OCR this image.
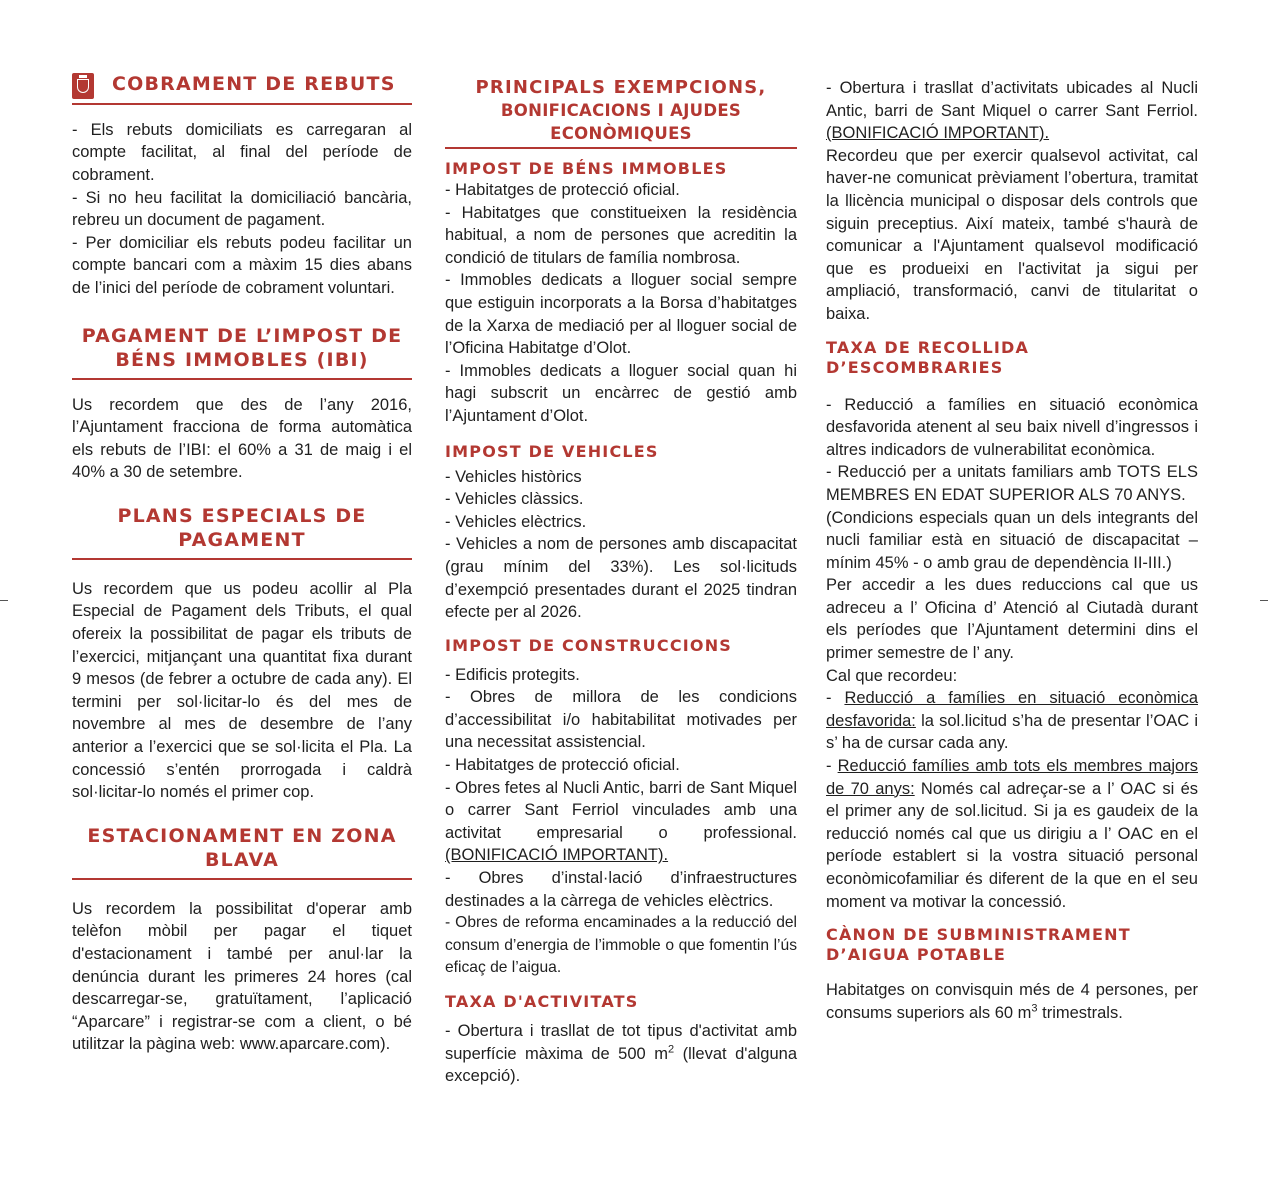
COBRAMENT DE REBUTS

- Els rebuts domiciliats es carregaran al compte facilitat, al final del període de cobrament.

- Si no heu facilitat la domiciliació bancària, rebreu un document de pagament.

- Per domiciliar els rebuts podeu facilitar un compte bancari com a màxim 15 dies abans de l’inici del període de cobrament voluntari.

PAGAMENT DE L’IMPOST DE
BÉNS IMMOBLES (IBI)

Us recordem que des de l’any 2016, l’Ajuntament fracciona de forma automàtica els rebuts de l’IBI: el 60% a 31 de maig i el 40% a 30 de setembre.

PLANS ESPECIALS DE PAGAMENT

Us recordem que us podeu acollir al Pla Especial de Pagament dels Tributs, el qual ofereix la possibilitat de pagar els tributs de l’exercici, mitjançant una quantitat fixa durant 9 mesos (de febrer a octubre de cada any). El termini per sol·licitar-lo és del mes de novembre al mes de desembre de l’any anterior a l’exercici que se sol·licita el Pla. La concessió s’entén prorrogada i caldrà sol·licitar-lo només el primer cop.

ESTACIONAMENT EN ZONA BLAVA

Us recordem la possibilitat d'operar amb telèfon mòbil per pagar el tiquet d'estacionament i també per anul·lar la denúncia durant les primeres 24 hores (cal descarregar-se, gratuïtament, l’aplicació “Aparcare” i registrar-se com a client, o bé utilitzar la pàgina web: www.aparcare.com).

PRINCIPALS EXEMPCIONS,
BONIFICACIONS I AJUDES ECONÒMIQUES
IMPOST DE BÉNS IMMOBLES

- Habitatges de protecció oficial.

- Habitatges que constitueixen la residència habitual, a nom de persones que acreditin la condició de titulars de família nombrosa.

- Immobles dedicats a lloguer social sempre que estiguin incorporats a la Borsa d’habitatges de la Xarxa de mediació per al lloguer social de l’Oficina Habitatge d’Olot.

- Immobles dedicats a lloguer social quan hi hagi subscrit un encàrrec de gestió amb l’Ajuntament d’Olot.

IMPOST DE VEHICLES

- Vehicles històrics

- Vehicles clàssics.

- Vehicles elèctrics.

- Vehicles a nom de persones amb discapacitat (grau mínim del 33%). Les sol·licituds d’exempció presentades durant el 2025 tindran efecte per al 2026.

IMPOST DE CONSTRUCCIONS

- Edificis protegits.

- Obres de millora de les condicions d’accessibilitat i/o habitabilitat motivades per una necessitat assistencial.

- Habitatges de protecció oficial.

- Obres fetes al Nucli Antic, barri de Sant Miquel o carrer Sant Ferriol vinculades amb una activitat empresarial o professional. (BONIFICACIÓ IMPORTANT).

- Obres d’instal·lació d’infraestructures destinades a la càrrega de vehicles elèctrics.

- Obres de reforma encaminades a la reducció del consum d’energia de l’immoble o que fomentin l’ús eficaç de l’aigua.

TAXA D'ACTIVITATS

- Obertura i trasllat de tot tipus d'activitat amb superfície màxima de 500 $m^2$ (llevat d'alguna excepció).

- Obertura i trasllat d’activitats ubicades al Nucli Antic, barri de Sant Miquel o carrer Sant Ferriol. (BONIFICACIÓ IMPORTANT).

Recordeu que per exercir qualsevol activitat, cal haver-ne comunicat prèviament l’obertura, tramitat la llicència municipal o disposar dels controls que siguin preceptius. Així mateix, també s'haurà de comunicar a l'Ajuntament qualsevol modificació que es produeixi en l'activitat ja sigui per ampliació, transformació, canvi de titularitat o baixa.

TAXA DE RECOLLIDA D’ESCOMBRARIES

- Reducció a famílies en situació econòmica desfavorida atenent al seu baix nivell d’ingressos i altres indicadors de vulnerabilitat econòmica.

- Reducció per a unitats familiars amb TOTS ELS MEMBRES EN EDAT SUPERIOR ALS 70 ANYS.

(Condicions especials quan un dels integrants del nucli familiar està en situació de discapacitat –mínim 45% - o amb grau de dependència II-III.)

Per accedir a les dues reduccions cal que us adreceu a l’ Oficina d’ Atenció al Ciutadà durant els períodes que l’Ajuntament determini dins el primer semestre de l’ any.

Cal que recordeu:

- Reducció a famílies en situació econòmica desfavorida: la sol.licitud s’ha de presentar l’OAC i s’ ha de cursar cada any.

- Reducció famílies amb tots els membres majors de 70 anys: Només cal adreçar-se a l’ OAC si és el primer any de sol.licitud. Si ja es gaudeix de la reducció només cal que us dirigiu a l’ OAC en el període establert si la vostra situació personal econòmicofamiliar és diferent de la que en el seu moment va motivar la concessió.

CÀNON DE SUBMINISTRAMENT
D’AIGUA POTABLE

Habitatges on convisquin més de 4 persones, per consums superiors als 60 $m^3$ trimestrals.
